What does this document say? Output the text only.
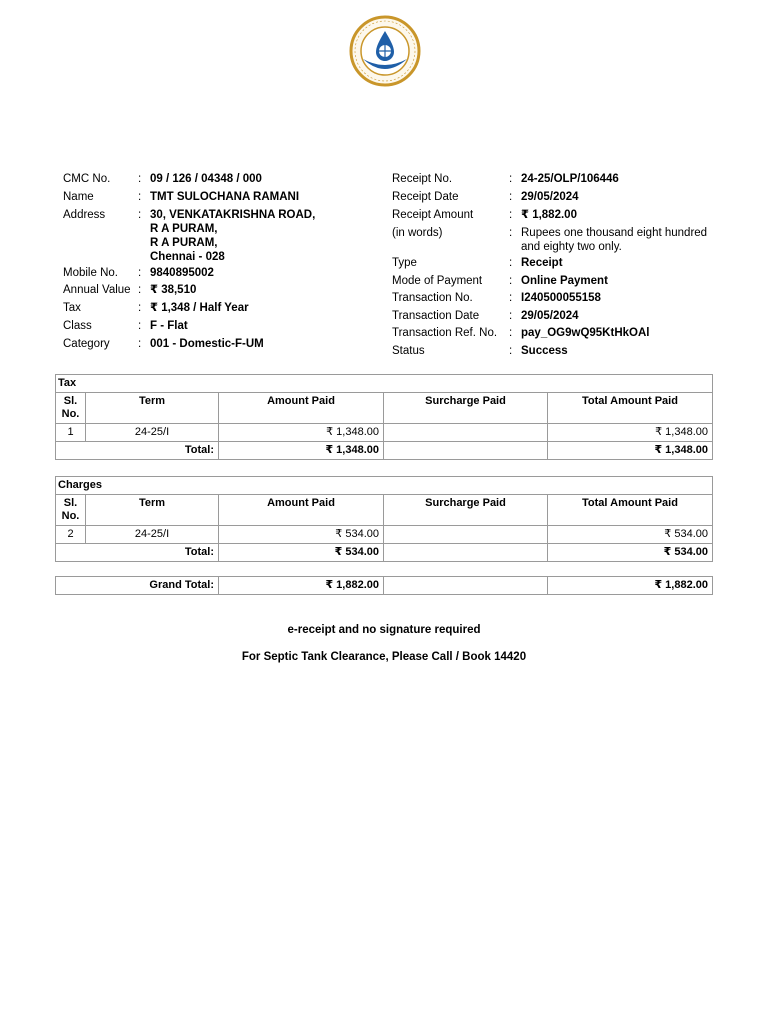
CMC No. : 09 / 126 / 04348 / 000
Name	: TMT SULOCHANA RAMANI
Address	: 30, VENKATAKRISHNA ROAD,
R A PURAM,
R A PURAM,
Chennai - 028
Mobile No. : 9840895002
Annual Value : ₹ 38,510
Tax	: ₹ 1,348 / Half Year
Class	: F - Flat
Category : 001 - Domestic-F-UM
Receipt No.	: 24-25/OLP/106446
Receipt Date	: 29/05/2024
Receipt Amount	: ₹ 1,882.00
(in words)	: Rupees one thousand eight hundred and eighty two only.
Type	: Receipt
Mode of Payment : Online Payment
Transaction No.	: I240500055158
Transaction Date	: 29/05/2024
Transaction Ref. No. : pay_OG9wQ95KtHkOAl
Status	: Success
Tax				
Sl.
No.	Term	Amount Paid	Surcharge Paid	Total Amount Paid
1	24-25/I	₹ 1,348.00		₹ 1,348.00
Total:		₹ 1,348.00		₹ 1,348.00
Charges				
Sl.
No.	Term	Amount Paid	Surcharge Paid	Total Amount Paid
2	24-25/I	₹ 534.00		₹ 534.00
Total:		₹ 534.00		₹ 534.00
Grand Total:	₹ 1,882.00		₹ 1,882.00
e-receipt and no signature required
For Septic Tank Clearance, Please Call / Book 14420
